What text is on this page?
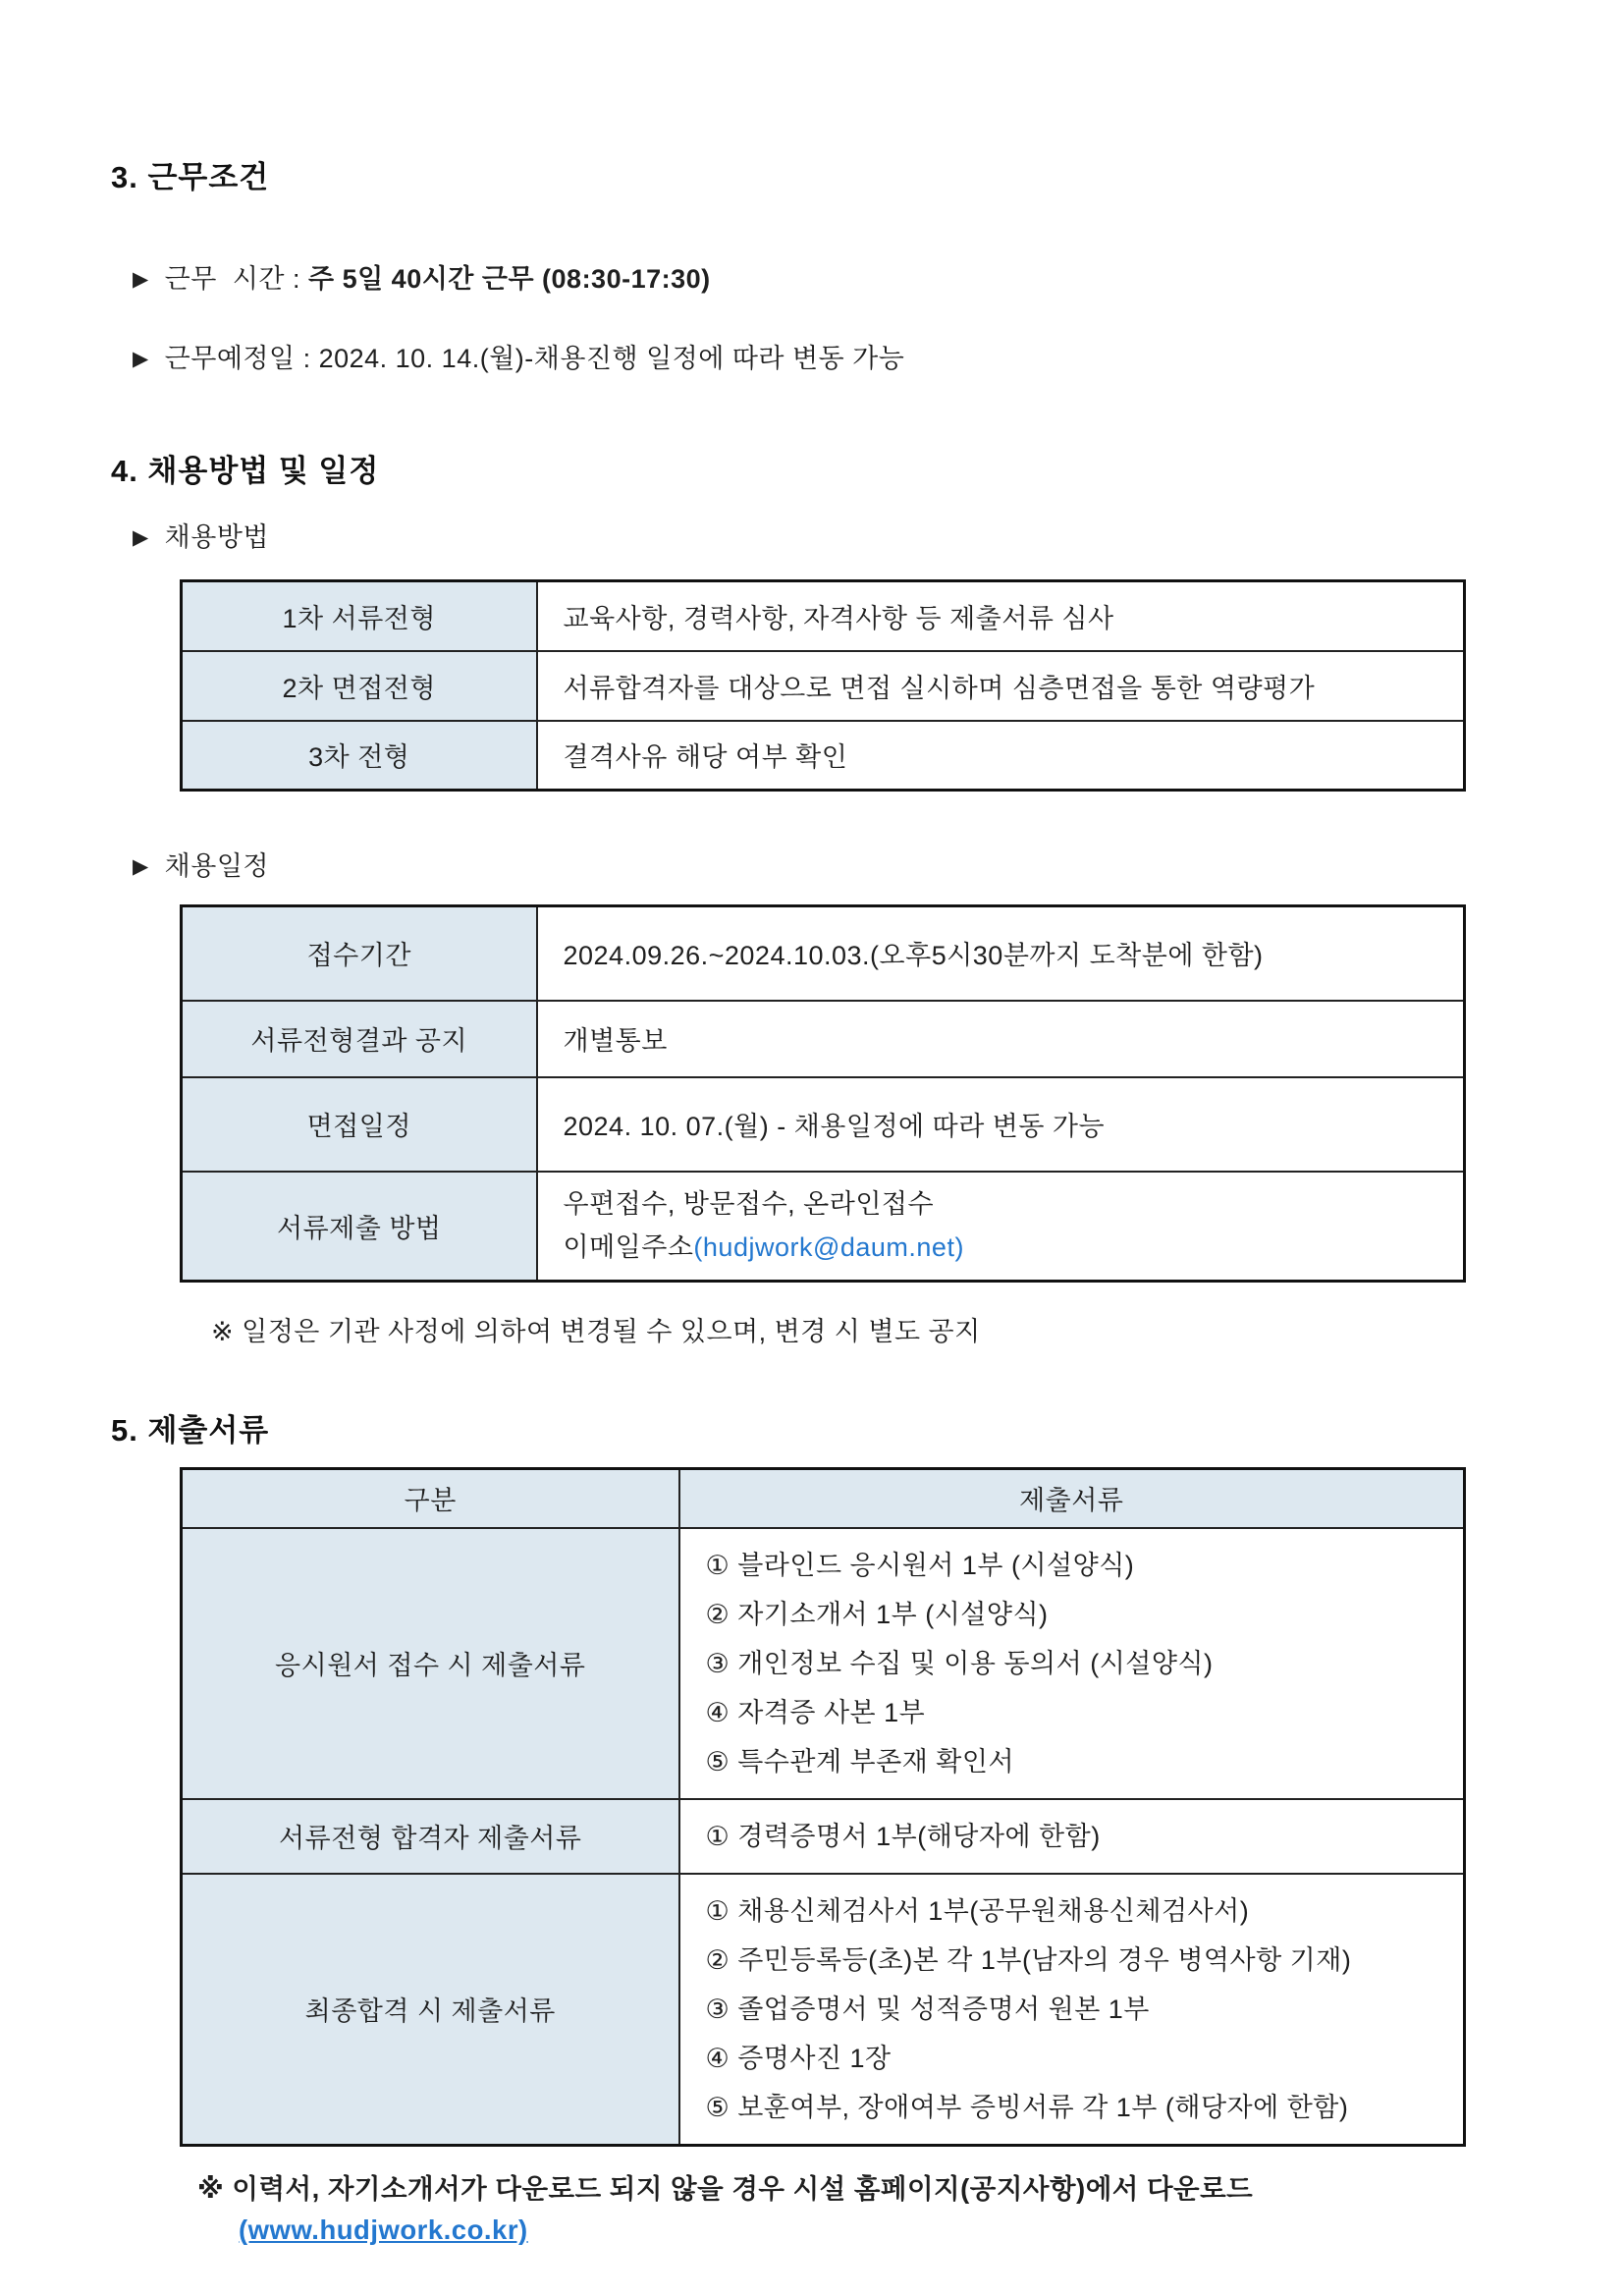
3. 근무조건
▶ 근무  시간 : 주 5일 40시간 근무 (08:30-17:30)
▶ 근무예정일 : 2024. 10. 14.(월)-채용진행 일정에 따라 변동 가능
4. 채용방법 및 일정
▶ 채용방법
1차 서류전형	교육사항, 경력사항, 자격사항 등 제출서류 심사
2차 면접전형	서류합격자를 대상으로 면접 실시하며 심층면접을 통한 역량평가
3차 전형	결격사유 해당 여부 확인
▶ 채용일정
접수기간	2024.09.26.~2024.10.03.(오후5시30분까지 도착분에 한함)
서류전형결과 공지	개별통보
면접일정	2024. 10. 07.(월) - 채용일정에 따라 변동 가능
서류제출 방법	우편접수, 방문접수, 온라인접수
이메일주소(hudjwork@daum.net)
※ 일정은 기관 사정에 의하여 변경될 수 있으며, 변경 시 별도 공지
5. 제출서류
구분	제출서류
응시원서 접수 시 제출서류	① 블라인드 응시원서 1부 (시설양식)
② 자기소개서 1부 (시설양식)
③ 개인정보 수집 및 이용 동의서 (시설양식)
④ 자격증 사본 1부
⑤ 특수관계 부존재 확인서

서류전형 합격자 제출서류	① 경력증명서 1부(해당자에 한함)

최종합격 시 제출서류	① 채용신체검사서 1부(공무원채용신체검사서)
② 주민등록등(초)본 각 1부(남자의 경우 병역사항 기재)
③ 졸업증명서 및 성적증명서 원본 1부
④ 증명사진 1장
⑤ 보훈여부, 장애여부 증빙서류 각 1부 (해당자에 한함)
※ 이력서, 자기소개서가 다운로드 되지 않을 경우 시설 홈페이지(공지사항)에서 다운로드
(www.hudjwork.co.kr)
